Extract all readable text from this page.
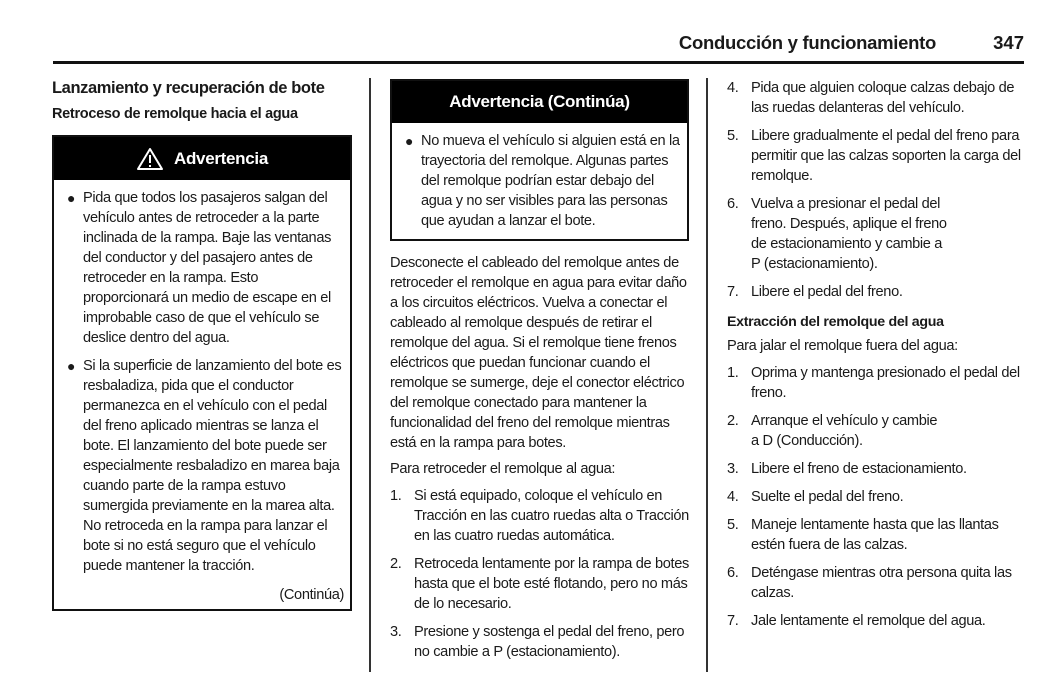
Conducción y funcionamiento	347
Lanzamiento y recuperación de bote
Retroceso de remolque hacia el agua
Advertencia
● Pida que todos los pasajeros salgan del vehículo antes de retroceder a la parte inclinada de la rampa. Baje las ventanas del conductor y del pasajero antes de retroceder en la rampa. Esto proporcionará un medio de escape en el improbable caso de que el vehículo se deslice dentro del agua.
● Si la superficie de lanzamiento del bote es resbaladiza, pida que el conductor permanezca en el vehículo con el pedal del freno aplicado mientras se lanza el bote. El lanzamiento del bote puede ser especialmente resbaladizo en marea baja cuando parte de la rampa estuvo sumergida previamente en la marea alta. No retroceda en la rampa para lanzar el bote si no está seguro que el vehículo puede mantener la tracción.
(Continúa)
Advertencia (Continúa)
● No mueva el vehículo si alguien está en la trayectoria del remolque. Algunas partes del remolque podrían estar debajo del agua y no ser visibles para las personas que ayudan a lanzar el bote.

Desconecte el cableado del remolque antes de retroceder el remolque en agua para evitar daño a los circuitos eléctricos. Vuelva a conectar el cableado al remolque después de retirar el remolque del agua. Si el remolque tiene frenos eléctricos que puedan funcionar cuando el remolque se sumerge, deje el conector eléctrico del remolque conectado para mantener la funcionalidad del freno del remolque mientras está en la rampa para botes.

Para retroceder el remolque al agua:

1. Si está equipado, coloque el vehículo en Tracción en las cuatro ruedas alta o Tracción en las cuatro ruedas automática.
2. Retroceda lentamente por la rampa de botes hasta que el bote esté flotando, pero no más de lo necesario.
3. Presione y sostenga el pedal del freno, pero no cambie a P (estacionamiento).
4. Pida que alguien coloque calzas debajo de las ruedas delanteras del vehículo.
5. Libere gradualmente el pedal del freno para permitir que las calzas soporten la carga del remolque.
6. Vuelva a presionar el pedal del freno. Después, aplique el freno de estacionamiento y cambie a P (estacionamiento).
7. Libere el pedal del freno.
Extracción del remolque del agua

Para jalar el remolque fuera del agua:

1. Oprima y mantenga presionado el pedal del freno.
2. Arranque el vehículo y cambie a D (Conducción).
3. Libere el freno de estacionamiento.
4. Suelte el pedal del freno.
5. Maneje lentamente hasta que las llantas estén fuera de las calzas.
6. Deténgase mientras otra persona quita las calzas.
7. Jale lentamente el remolque del agua.
